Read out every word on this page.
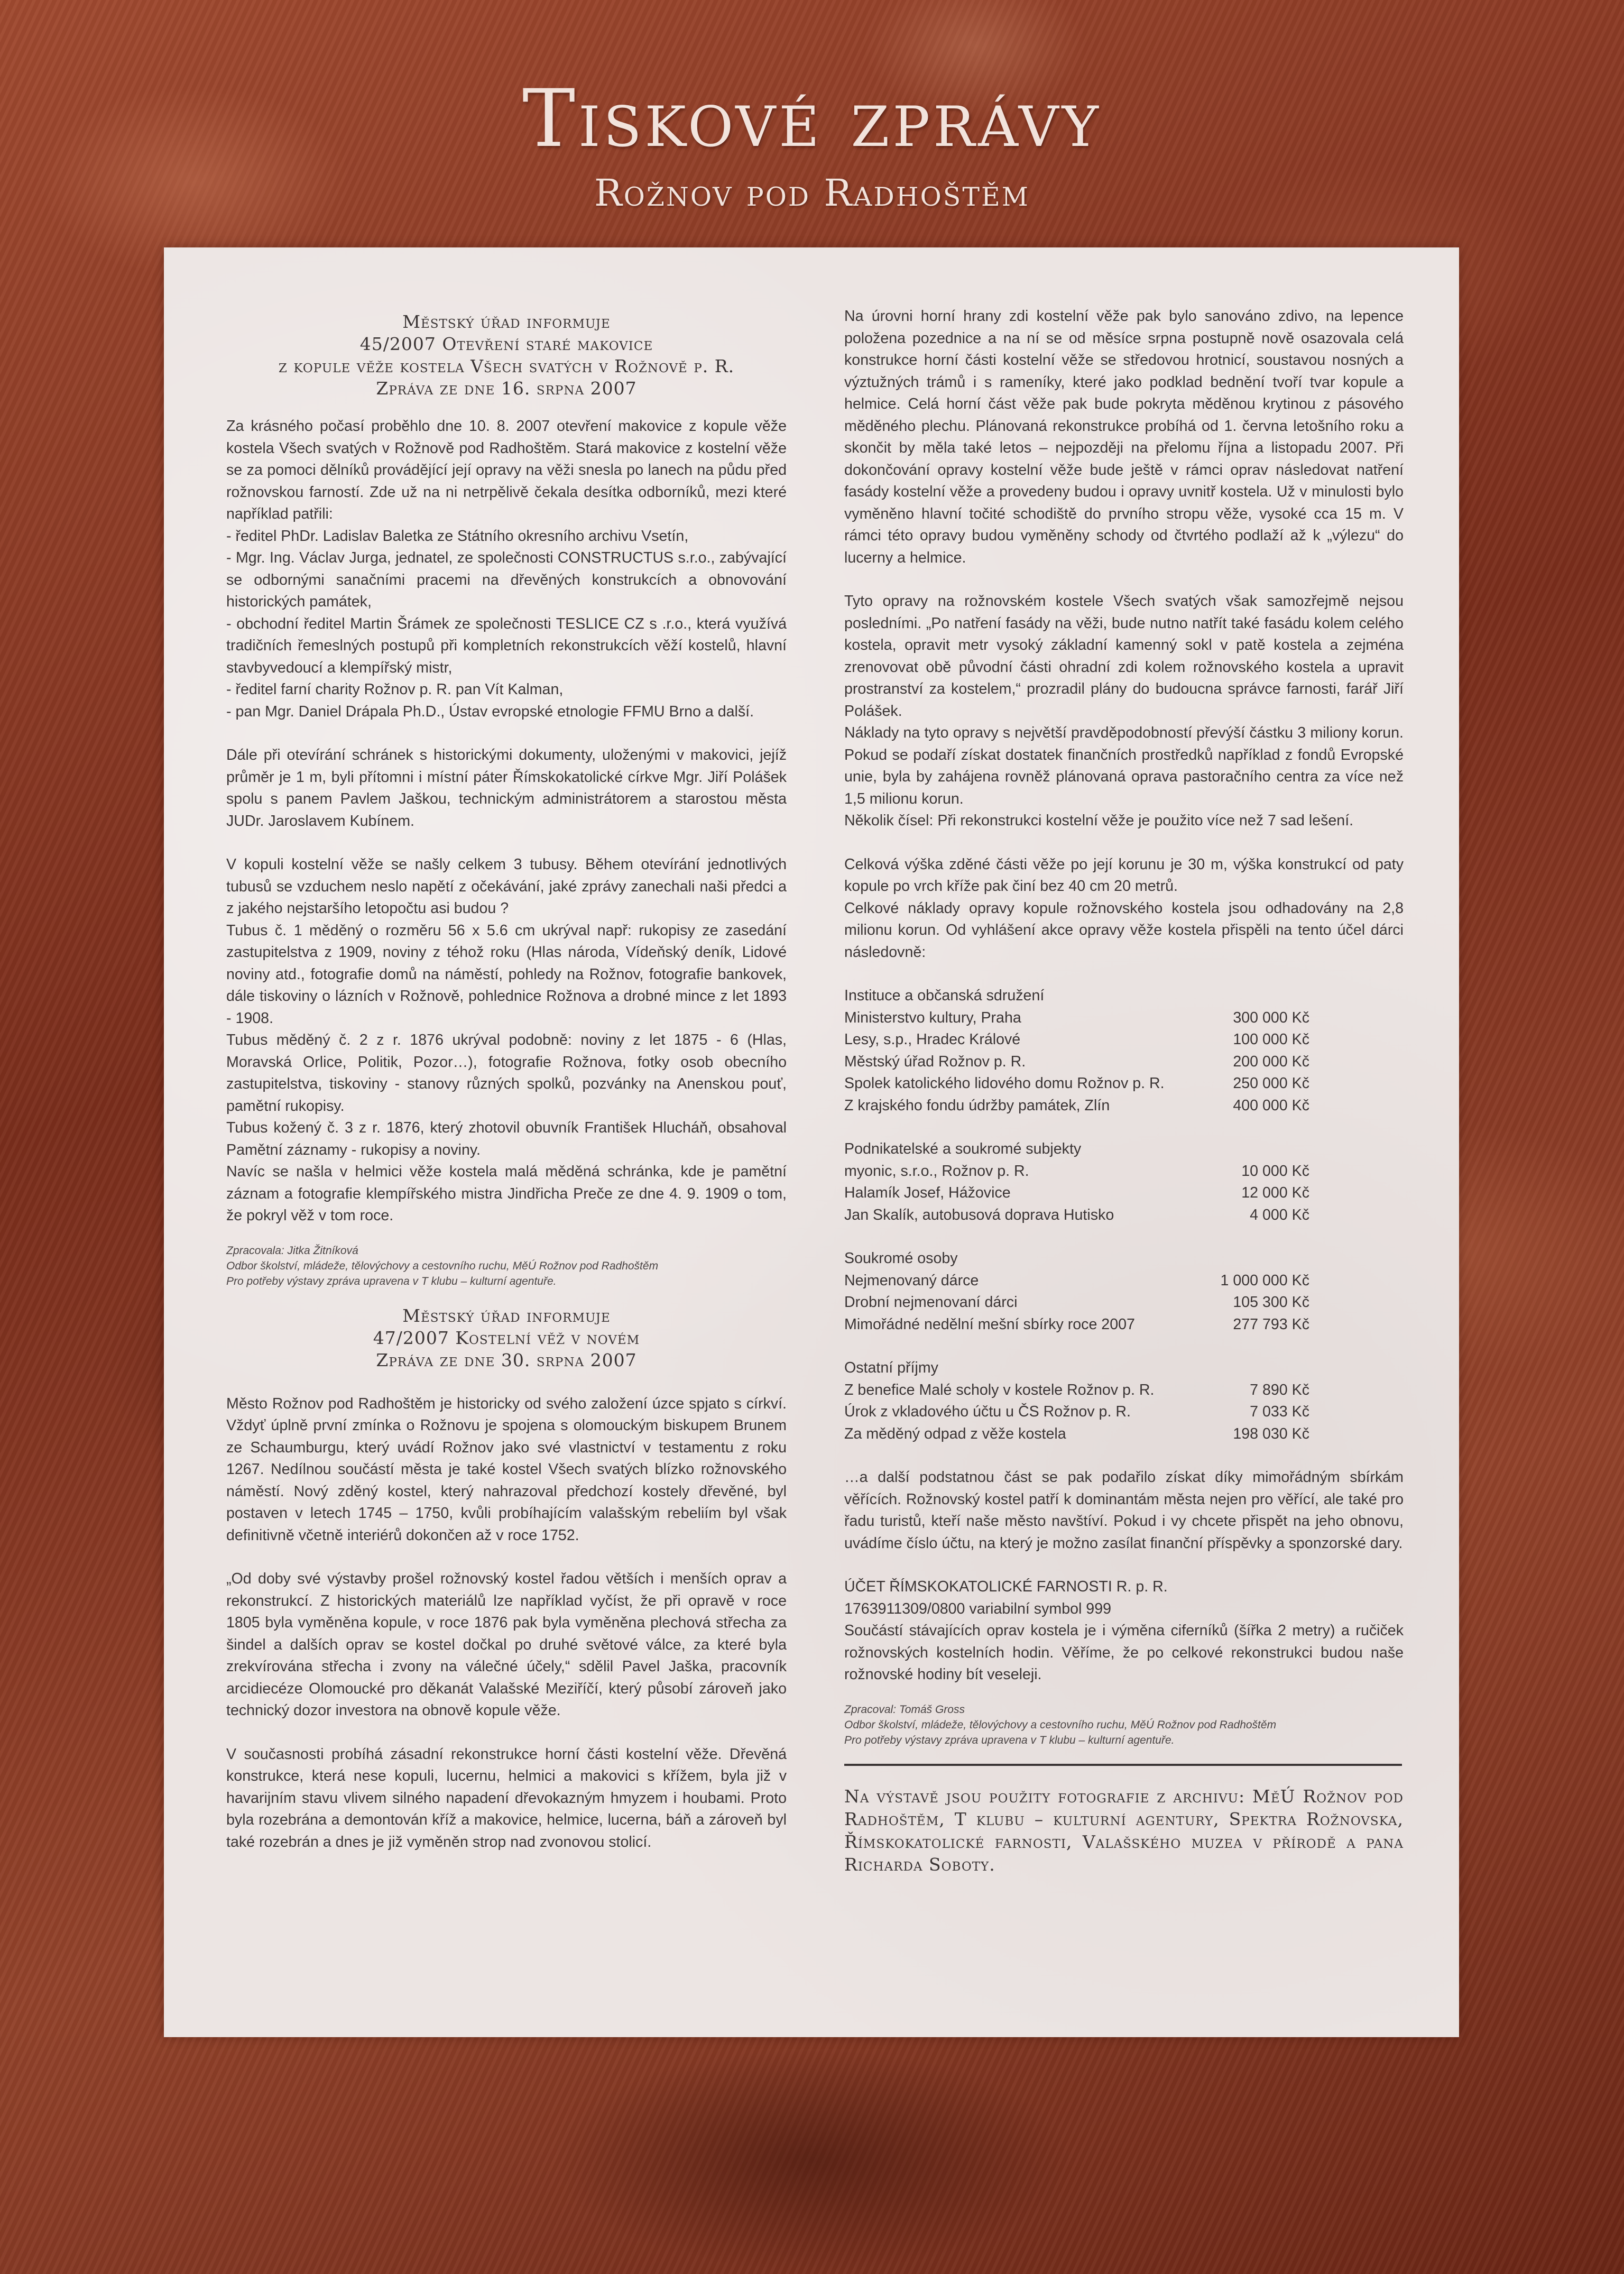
Tiskové zprávy
Rožnov pod Radhoštěm
Městský úřad informuje
45/2007 Otevření staré makovice
z kopule věže kostela Všech svatých v Rožnově p. R.
Zpráva ze dne 16. srpna 2007

Za krásného počasí proběhlo dne 10. 8. 2007 otevření makovice z kopule věže kostela Všech svatých v Rožnově pod Radhoštěm. Stará makovice z kostelní věže se za pomoci dělníků provádějící její opravy na věži snesla po lanech na půdu před rožnovskou farností. Zde už na ni netrpělivě čekala desítka odborníků, mezi které například patřili:
- ředitel PhDr. Ladislav Baletka ze Státního okresního archivu Vsetín,
- Mgr. Ing. Václav Jurga, jednatel, ze společnosti CONSTRUCTUS s.r.o., zabývající se odbornými sanačními pracemi na dřevěných konstrukcích a obnovování historických památek,
- obchodní ředitel Martin Šrámek ze společnosti TESLICE CZ s .r.o., která využívá tradičních řemeslných postupů při kompletních rekonstrukcích věží kostelů, hlavní stavbyvedoucí a klempířský mistr,
- ředitel farní charity Rožnov p. R. pan Vít Kalman,
- pan Mgr. Daniel Drápala Ph.D., Ústav evropské etnologie FFMU Brno a další.

Dále při otevírání schránek s historickými dokumenty, uloženými v makovici, jejíž průměr je 1 m, byli přítomni i místní páter Římskokatolické církve Mgr. Jiří Polášek spolu s panem Pavlem Jaškou, technickým administrátorem a starostou města JUDr. Jaroslavem Kubínem.

V kopuli kostelní věže se našly celkem 3 tubusy. Během otevírání jednotlivých tubusů se vzduchem neslo napětí z očekávání, jaké zprávy zanechali naši předci a z jakého nejstaršího letopočtu asi budou ?
Tubus č. 1 měděný o rozměru 56 x 5.6 cm ukrýval např: rukopisy ze zasedání zastupitelstva z 1909, noviny z téhož roku (Hlas národa, Vídeňský deník, Lidové noviny atd., fotografie domů na náměstí, pohledy na Rožnov, fotografie bankovek, dále tiskoviny o lázních v Rožnově, pohlednice Rožnova a drobné mince z let 1893 - 1908.
Tubus měděný č. 2 z r. 1876 ukrýval podobně: noviny z let 1875 - 6 (Hlas, Moravská Orlice, Politik, Pozor…), fotografie Rožnova, fotky osob obecního zastupitelstva, tiskoviny - stanovy různých spolků, pozvánky na Anenskou pouť, pamětní rukopisy.
Tubus kožený č. 3 z r. 1876, který zhotovil obuvník František Hlucháň, obsahoval Pamětní záznamy - rukopisy a noviny.
Navíc se našla v helmici věže kostela malá měděná schránka, kde je pamětní záznam a fotografie klempířského mistra Jindřicha Preče ze dne 4. 9. 1909 o tom, že pokryl věž v tom roce.

Zpracovala: Jitka Žitníková
Odbor školství, mládeže, tělovýchovy a cestovního ruchu, MěÚ Rožnov pod Radhoštěm
Pro potřeby výstavy zpráva upravena v T klubu – kulturní agentuře.
Městský úřad informuje
47/2007 Kostelní věž v novém
Zpráva ze dne 30. srpna 2007

Město Rožnov pod Radhoštěm je historicky od svého založení úzce spjato s církví. Vždyť úplně první zmínka o Rožnovu je spojena s olomouckým biskupem Brunem ze Schaumburgu, který uvádí Rožnov jako své vlastnictví v testamentu z roku 1267. Nedílnou součástí města je také kostel Všech svatých blízko rožnovského náměstí. Nový zděný kostel, který nahrazoval předchozí kostely dřevěné, byl postaven v letech 1745 – 1750, kvůli probíhajícím valašským rebeliím byl však definitivně včetně interiérů dokončen až v roce 1752.

„Od doby své výstavby prošel rožnovský kostel řadou větších i menších oprav a rekonstrukcí. Z historických materiálů lze například vyčíst, že při opravě v roce 1805 byla vyměněna kopule, v roce 1876 pak byla vyměněna plechová střecha za šindel a dalších oprav se kostel dočkal po druhé světové válce, za které byla zrekvírována střecha i zvony na válečné účely,“ sdělil Pavel Jaška, pracovník arcidiecéze Olomoucké pro děkanát Valašské Meziříčí, který působí zároveň jako technický dozor investora na obnově kopule věže.

V současnosti probíhá zásadní rekonstrukce horní části kostelní věže. Dřevěná konstrukce, která nese kopuli, lucernu, helmici a makovici s křížem, byla již v havarijním stavu vlivem silného napadení dřevokazným hmyzem i houbami. Proto byla rozebrána a demontován kříž a makovice, helmice, lucerna, báň a zároveň byl také rozebrán a dnes je již vyměněn strop nad zvonovou stolicí.

Na úrovni horní hrany zdi kostelní věže pak bylo sanováno zdivo, na lepence položena pozednice a na ní se od měsíce srpna postupně nově osazovala celá konstrukce horní části kostelní věže se středovou hrotnicí, soustavou nosných a výztužných trámů i s rameníky, které jako podklad bednění tvoří tvar kopule a helmice. Celá horní část věže pak bude pokryta měděnou krytinou z pásového měděného plechu. Plánovaná rekonstrukce probíhá od 1. června letošního roku a skončit by měla také letos – nejpozději na přelomu října a listopadu 2007. Při dokončování opravy kostelní věže bude ještě v rámci oprav následovat natření fasády kostelní věže a provedeny budou i opravy uvnitř kostela. Už v minulosti bylo vyměněno hlavní točité schodiště do prvního stropu věže, vysoké cca 15 m. V rámci této opravy budou vyměněny schody od čtvrtého podlaží až k „výlezu“ do lucerny a helmice.

Tyto opravy na rožnovském kostele Všech svatých však samozřejmě nejsou posledními. „Po natření fasády na věži, bude nutno natřít také fasádu kolem celého kostela, opravit metr vysoký základní kamenný sokl v patě kostela a zejména zrenovovat obě původní části ohradní zdi kolem rožnovského kostela a upravit prostranství za kostelem,“ prozradil plány do budoucna správce farnosti, farář Jiří Polášek.
Náklady na tyto opravy s největší pravděpodobností převýší částku 3 miliony korun. Pokud se podaří získat dostatek finančních prostředků například z fondů Evropské unie, byla by zahájena rovněž plánovaná oprava pastoračního centra za více než 1,5 milionu korun.
Několik čísel: Při rekonstrukci kostelní věže je použito více než 7 sad lešení.

Celková výška zděné části věže po její korunu je 30 m, výška konstrukcí od paty kopule po vrch kříže pak činí bez 40 cm 20 metrů.
Celkové náklady opravy kopule rožnovského kostela jsou odhadovány na 2,8 milionu korun. Od vyhlášení akce opravy věže kostela přispěli na tento účel dárci následovně:

Instituce a občanská sdružení
Ministerstvo kultury, Praha	300 000 Kč
Lesy, s.p., Hradec Králové	100 000 Kč
Městský úřad Rožnov p. R.	200 000 Kč
Spolek katolického lidového domu Rožnov p. R.	250 000 Kč
Z krajského fondu údržby památek, Zlín	400 000 Kč
Podnikatelské a soukromé subjekty
myonic, s.r.o., Rožnov p. R.	10 000 Kč
Halamík Josef, Hážovice	12 000 Kč
Jan Skalík, autobusová doprava Hutisko	4 000 Kč
Soukromé osoby
Nejmenovaný dárce	1 000 000 Kč
Drobní nejmenovaní dárci	105 300 Kč
Mimořádné nedělní mešní sbírky roce 2007	277 793 Kč
Ostatní příjmy
Z benefice Malé scholy v kostele Rožnov p. R.	7 890 Kč
Úrok z vkladového účtu u ČS Rožnov p. R.	7 033 Kč
Za měděný odpad z věže kostela	198 030 Kč

…a další podstatnou část se pak podařilo získat díky mimořádným sbírkám věřících. Rožnovský kostel patří k dominantám města nejen pro věřící, ale také pro řadu turistů, kteří naše město navštíví. Pokud i vy chcete přispět na jeho obnovu, uvádíme číslo účtu, na který je možno zasílat finanční příspěvky a sponzorské dary.

ÚČET ŘÍMSKOKATOLICKÉ FARNOSTI R. p. R.
1763911309/0800 variabilní symbol 999
Součástí stávajících oprav kostela je i výměna ciferníků (šířka 2 metry) a ručiček rožnovských kostelních hodin. Věříme, že po celkové rekonstrukci budou naše rožnovské hodiny bít veseleji.

Zpracoval: Tomáš Gross
Odbor školství, mládeže, tělovýchovy a cestovního ruchu, MěÚ Rožnov pod Radhoštěm
Pro potřeby výstavy zpráva upravena v T klubu – kulturní agentuře.
Na výstavě jsou použity fotografie z archivu: MěÚ Rožnov pod Radhoštěm, T klubu – kulturní agentury, Spektra Rožnovska, Římskokatolické farnosti, Valašského muzea v přírodě a pana Richarda Soboty.
